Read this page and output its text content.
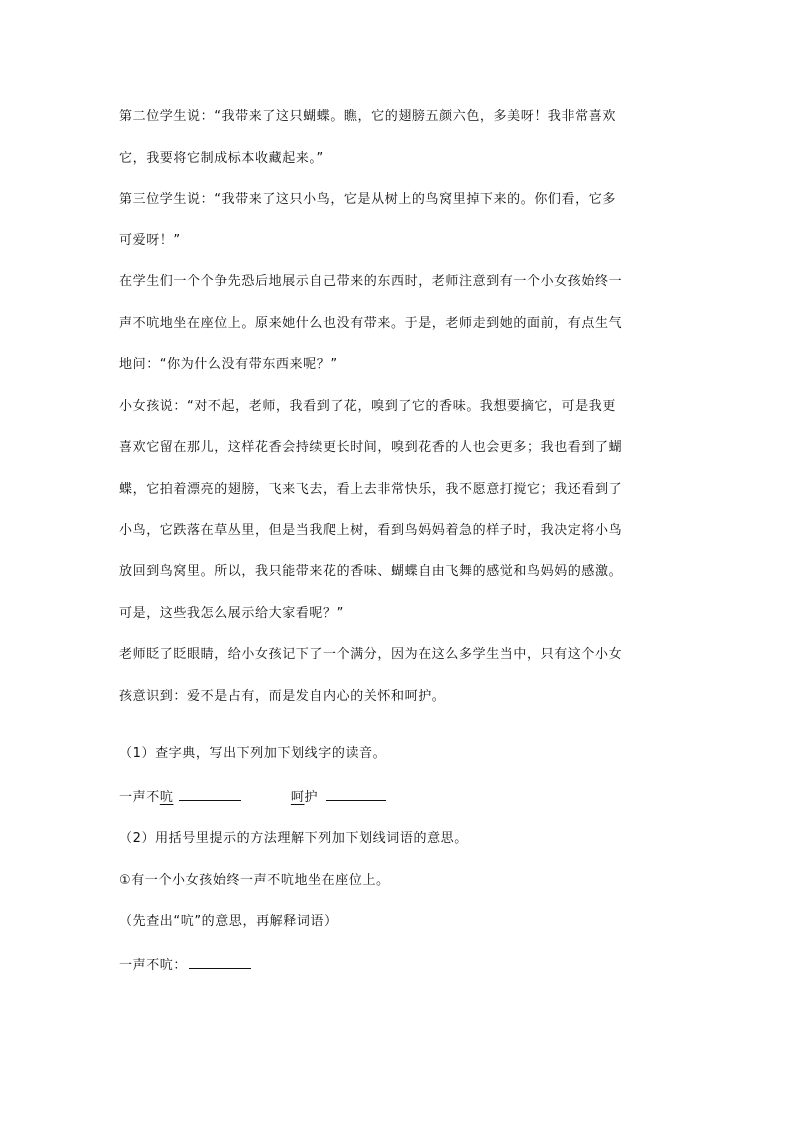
第二位学生说：“我带来了这只蝴蝶。瞧，它的翅膀五颜六色，多美呀！我非常喜欢
它，我要将它制成标本收藏起来。”
第三位学生说：“我带来了这只小鸟，它是从树上的鸟窝里掉下来的。你们看，它多
可爱呀！”
在学生们一个个争先恐后地展示自己带来的东西时，老师注意到有一个小女孩始终一
声不吭地坐在座位上。原来她什么也没有带来。于是，老师走到她的面前，有点生气
地问：“你为什么没有带东西来呢？”
小女孩说：“对不起，老师，我看到了花，嗅到了它的香味。我想要摘它，可是我更
喜欢它留在那儿，这样花香会持续更长时间，嗅到花香的人也会更多；我也看到了蝴
蝶，它拍着漂亮的翅膀，飞来飞去，看上去非常快乐，我不愿意打搅它；我还看到了
小鸟，它跌落在草丛里，但是当我爬上树，看到鸟妈妈着急的样子时，我决定将小鸟
放回到鸟窝里。所以，我只能带来花的香味、蝴蝶自由飞舞的感觉和鸟妈妈的感激。
可是，这些我怎么展示给大家看呢？”
老师眨了眨眼睛，给小女孩记下了一个满分，因为在这么多学生当中，只有这个小女
孩意识到：爱不是占有，而是发自内心的关怀和呵护。
（1）查字典，写出下列加下划线字的读音。
一声不吭	呵护
（2）用括号里提示的方法理解下列加下划线词语的意思。
①有一个小女孩始终一声不吭地坐在座位上。
（先查出“吭”的意思，再解释词语）
一声不吭：
